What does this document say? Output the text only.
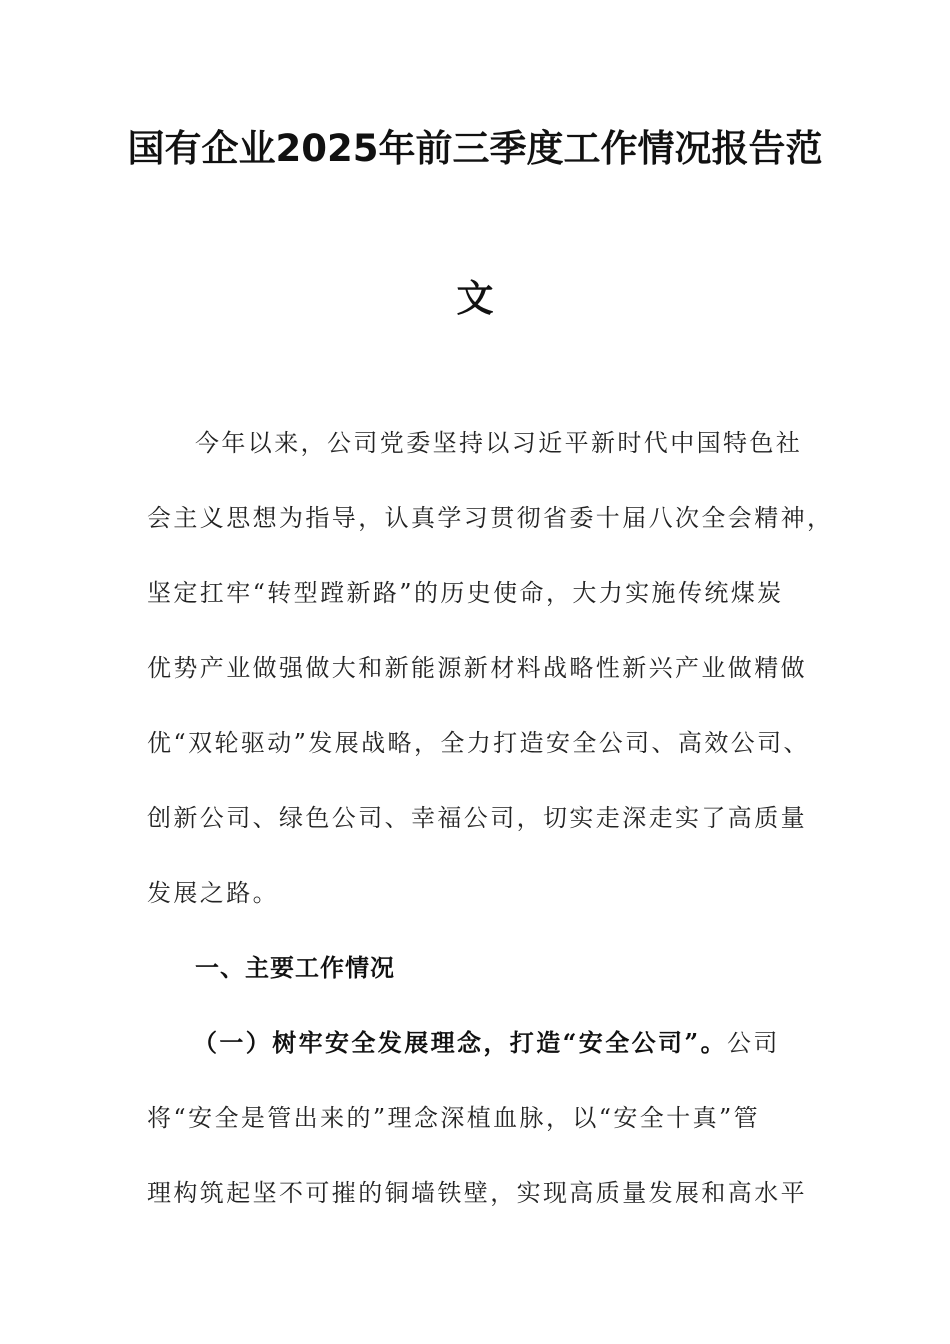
国有企业2025年前三季度工作情况报告范
文
今年以来，公司党委坚持以习近平新时代中国特色社
会主义思想为指导，认真学习贯彻省委十届八次全会精神，
坚定扛牢“转型蹚新路”的历史使命，大力实施传统煤炭
优势产业做强做大和新能源新材料战略性新兴产业做精做
优“双轮驱动”发展战略，全力打造安全公司、高效公司、
创新公司、绿色公司、幸福公司，切实走深走实了高质量
发展之路。
一、主要工作情况
（一）树牢安全发展理念，打造“安全公司”。公司
将“安全是管出来的”理念深植血脉，以“安全十真”管
理构筑起坚不可摧的铜墙铁壁，实现高质量发展和高水平
